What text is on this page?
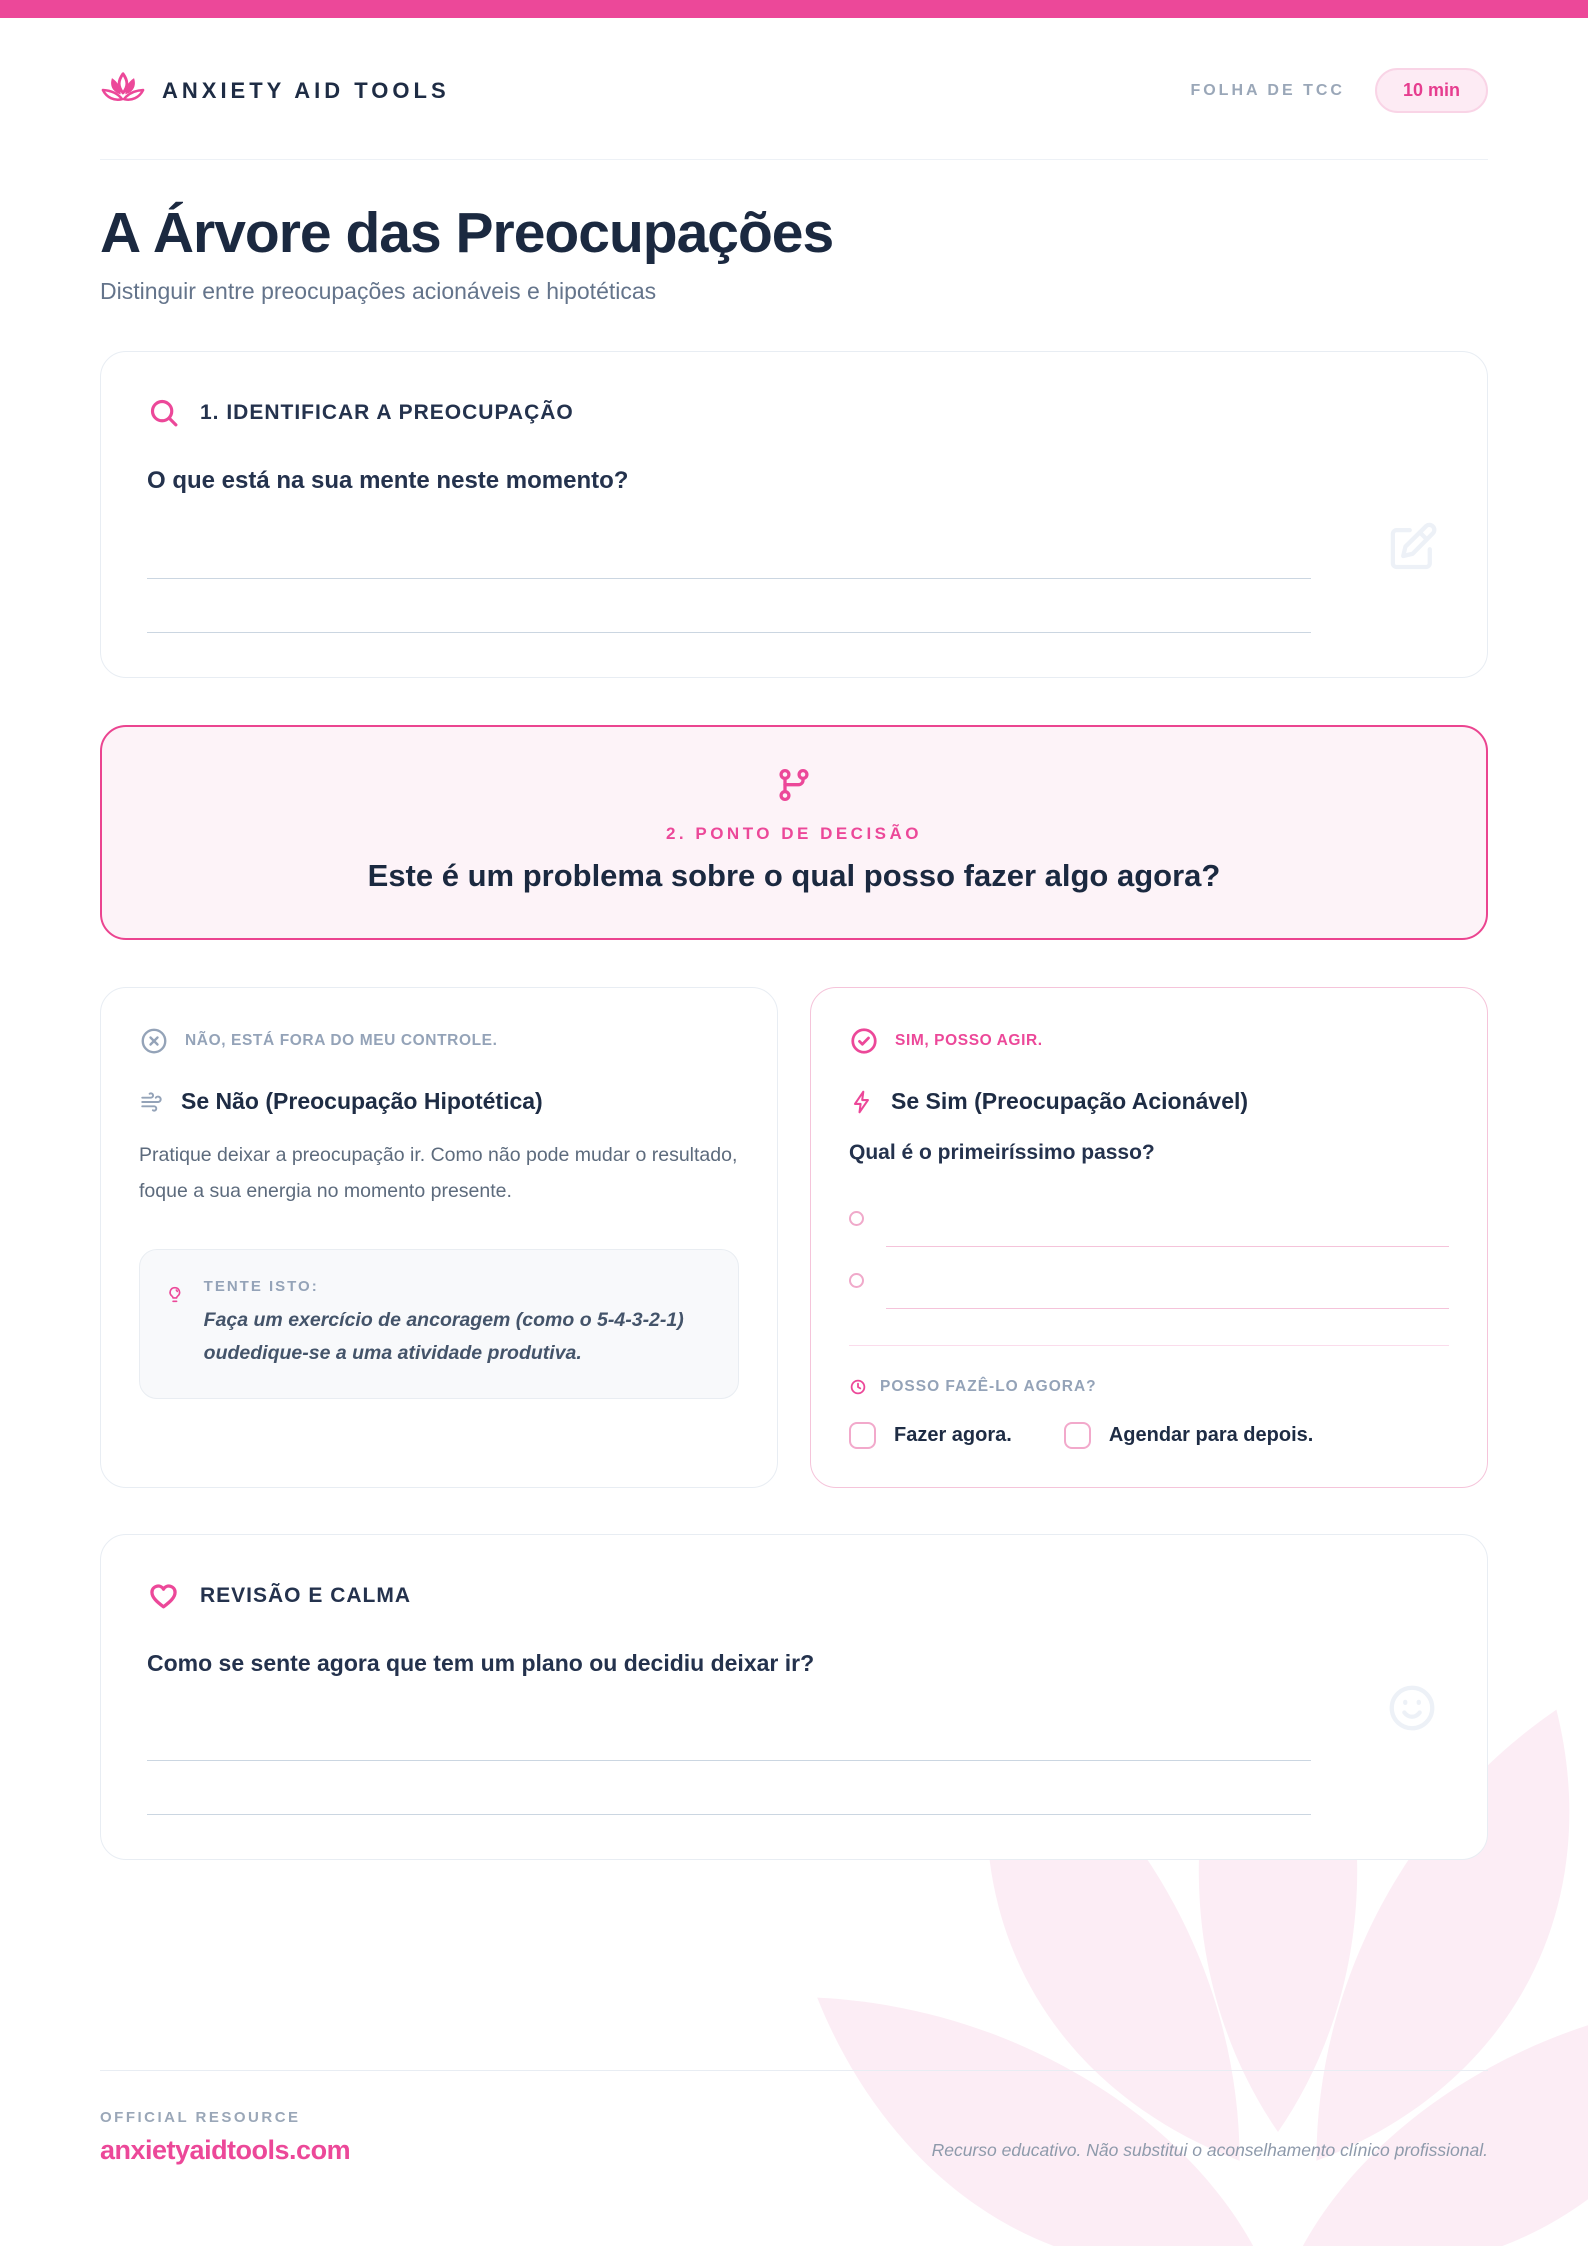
ANXIETY AID TOOLS	FOLHA DE TCC	10 min
A Árvore das Preocupações
Distinguir entre preocupações acionáveis e hipotéticas
1. IDENTIFICAR A PREOCUPAÇÃO
O que está na sua mente neste momento?
2. PONTO DE DECISÃO
Este é um problema sobre o qual posso fazer algo agora?
NÃO, ESTÁ FORA DO MEU CONTROLE.
Se Não (Preocupação Hipotética)
Pratique deixar a preocupação ir. Como não pode mudar o resultado, foque a sua energia no momento presente.
TENTE ISTO:
Faça um exercício de ancoragem (como o 5-4-3-2-1) oudedique-se a uma atividade produtiva.
SIM, POSSO AGIR.
Se Sim (Preocupação Acionável)
Qual é o primeiríssimo passo?
POSSO FAZÊ-LO AGORA?
Fazer agora.	Agendar para depois.
REVISÃO E CALMA
Como se sente agora que tem um plano ou decidiu deixar ir?
OFFICIAL RESOURCE
anxietyaidtools.com	Recurso educativo. Não substitui o aconselhamento clínico profissional.
